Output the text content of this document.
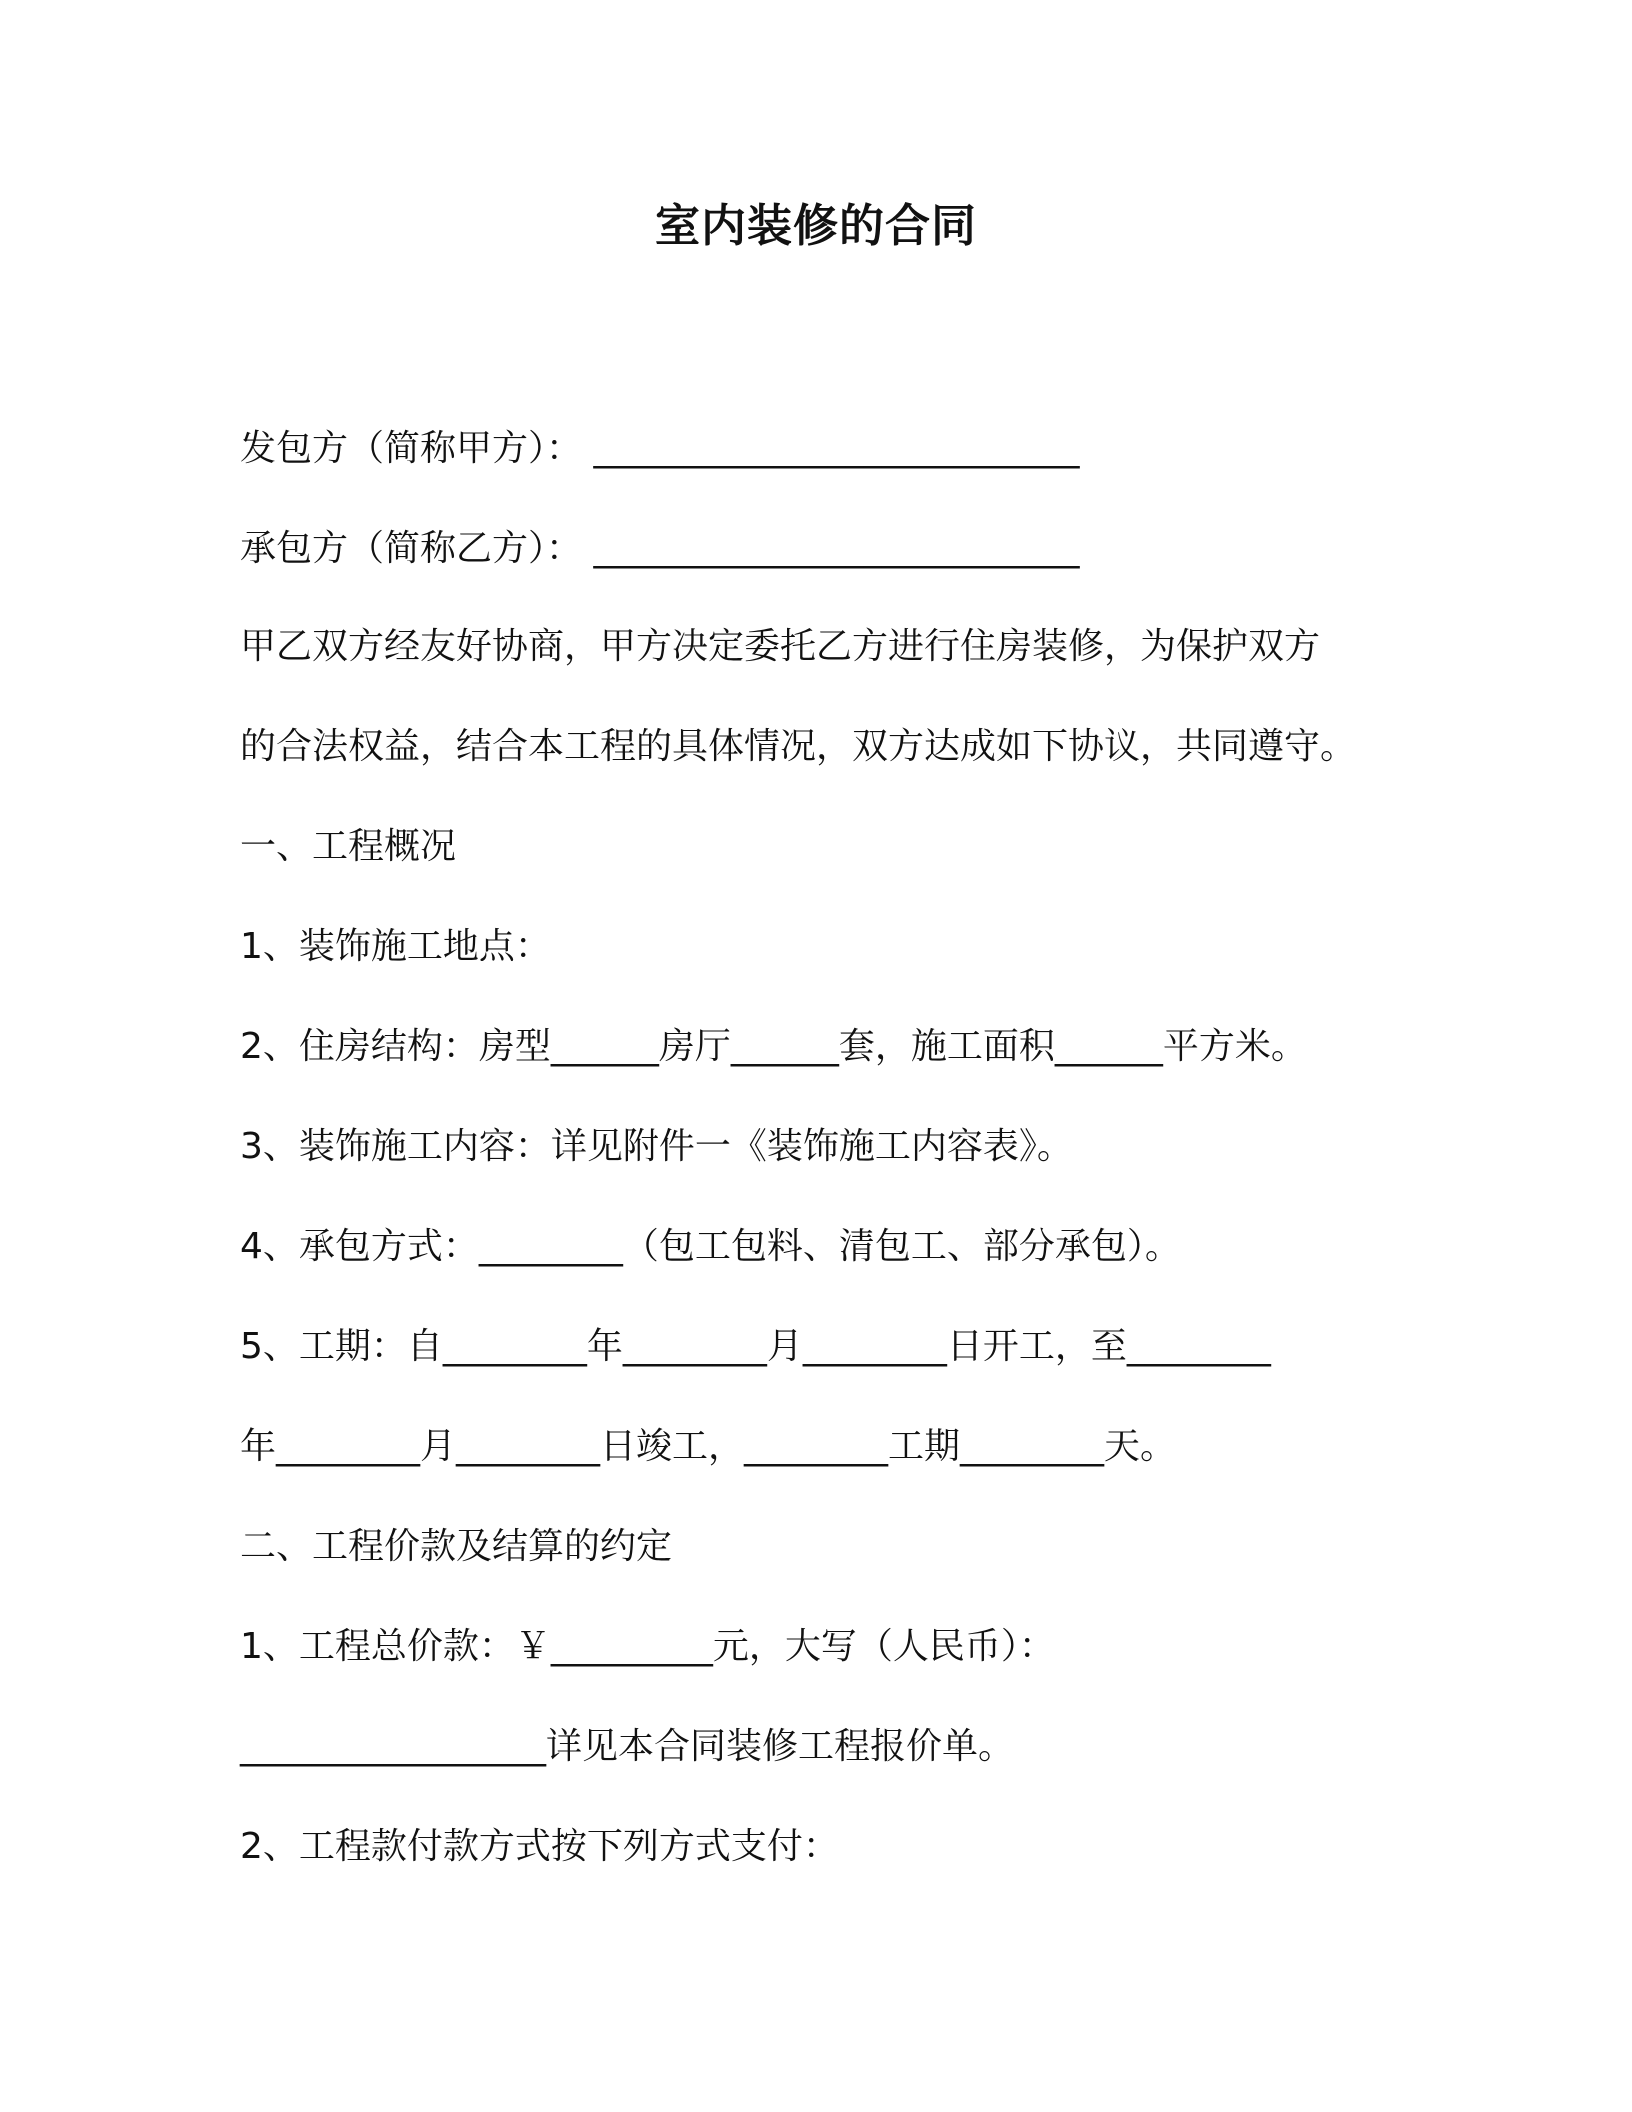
室内装修的合同
发包方（简称甲方）： ___________________________
承包方（简称乙方）： ___________________________
甲乙双方经友好协商，甲方决定委托乙方进行住房装修，为保护双方
的合法权益，结合本工程的具体情况，双方达成如下协议，共同遵守。
一、工程概况
1、装饰施工地点：
2、住房结构：房型______房厅______套，施工面积______平方米。
3、装饰施工内容：详见附件一《装饰施工内容表》。
4、承包方式：________（包工包料、清包工、部分承包）。
5、工期：自________年________月________日开工，至________
年________月________日竣工，________工期________天。
二、工程价款及结算的约定
1、工程总价款：￥_________元，大写（人民币）：
_________________详见本合同装修工程报价单。
2、工程款付款方式按下列方式支付：
